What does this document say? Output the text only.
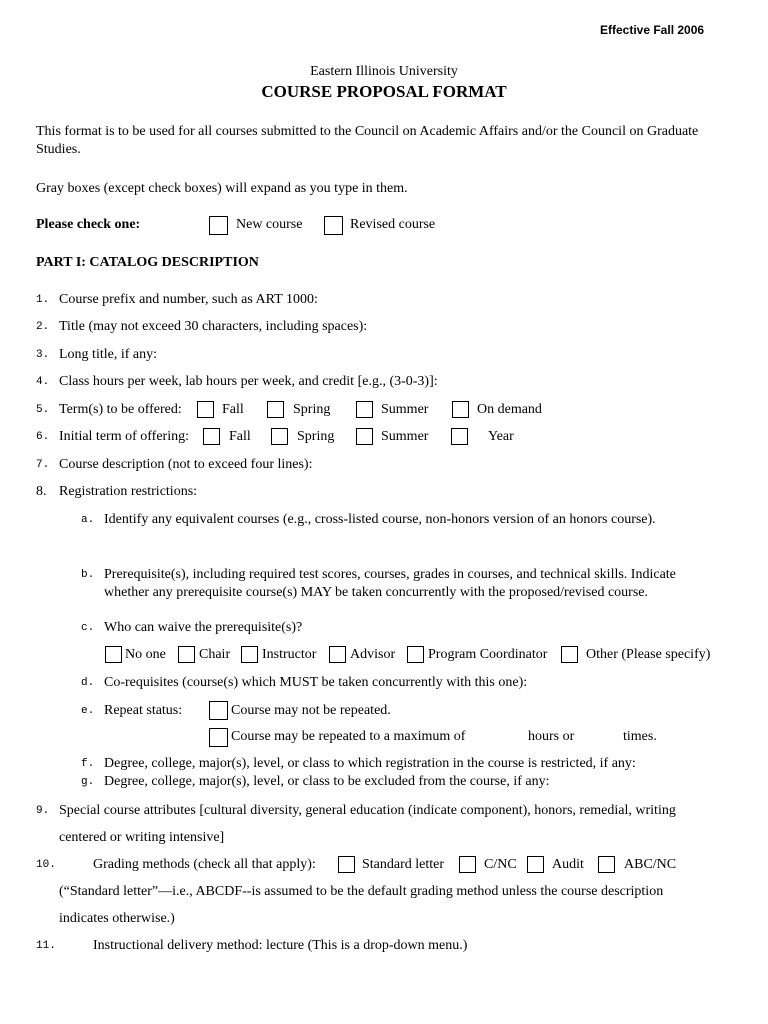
Effective Fall 2006
Eastern Illinois University
COURSE PROPOSAL FORMAT
This format is to be used for all courses submitted to the Council on Academic Affairs and/or the Council on Graduate Studies.
Gray boxes (except check boxes) will expand as you type in them.
Please check one:	New course	Revised course
PART I: CATALOG DESCRIPTION
1. Course prefix and number, such as ART 1000:
2. Title (may not exceed 30 characters, including spaces):
3. Long title, if any:
4. Class hours per week, lab hours per week, and credit [e.g., (3-0-3)]:
5. Term(s) to be offered:	Fall	Spring	Summer	On demand
6. Initial term of offering:	Fall	Spring	Summer	Year
7. Course description (not to exceed four lines):
8. Registration restrictions:
a. Identify any equivalent courses (e.g., cross-listed course, non-honors version of an honors course).
b. Prerequisite(s), including required test scores, courses, grades in courses, and technical skills. Indicate
whether any prerequisite course(s) MAY be taken concurrently with the proposed/revised course.
c. Who can waive the prerequisite(s)?
No one Chair Instructor Advisor Program Coordinator	Other (Please specify)
d. Co-requisites (course(s) which MUST be taken concurrently with this one):
e. Repeat status:	Course may not be repeated.
Course may be repeated to a maximum of	hours or	times.
f. Degree, college, major(s), level, or class to which registration in the course is restricted, if any:
g. Degree, college, major(s), level, or class to be excluded from the course, if any:
9. Special course attributes [cultural diversity, general education (indicate component), honors, remedial, writing
centered or writing intensive]
10.	Grading methods (check all that apply):	Standard letter	C/NC	Audit	ABC/NC
(“Standard letter”—i.e., ABCDF--is assumed to be the default grading method unless the course description
indicates otherwise.)
11.	Instructional delivery method: lecture (This is a drop-down menu.)
